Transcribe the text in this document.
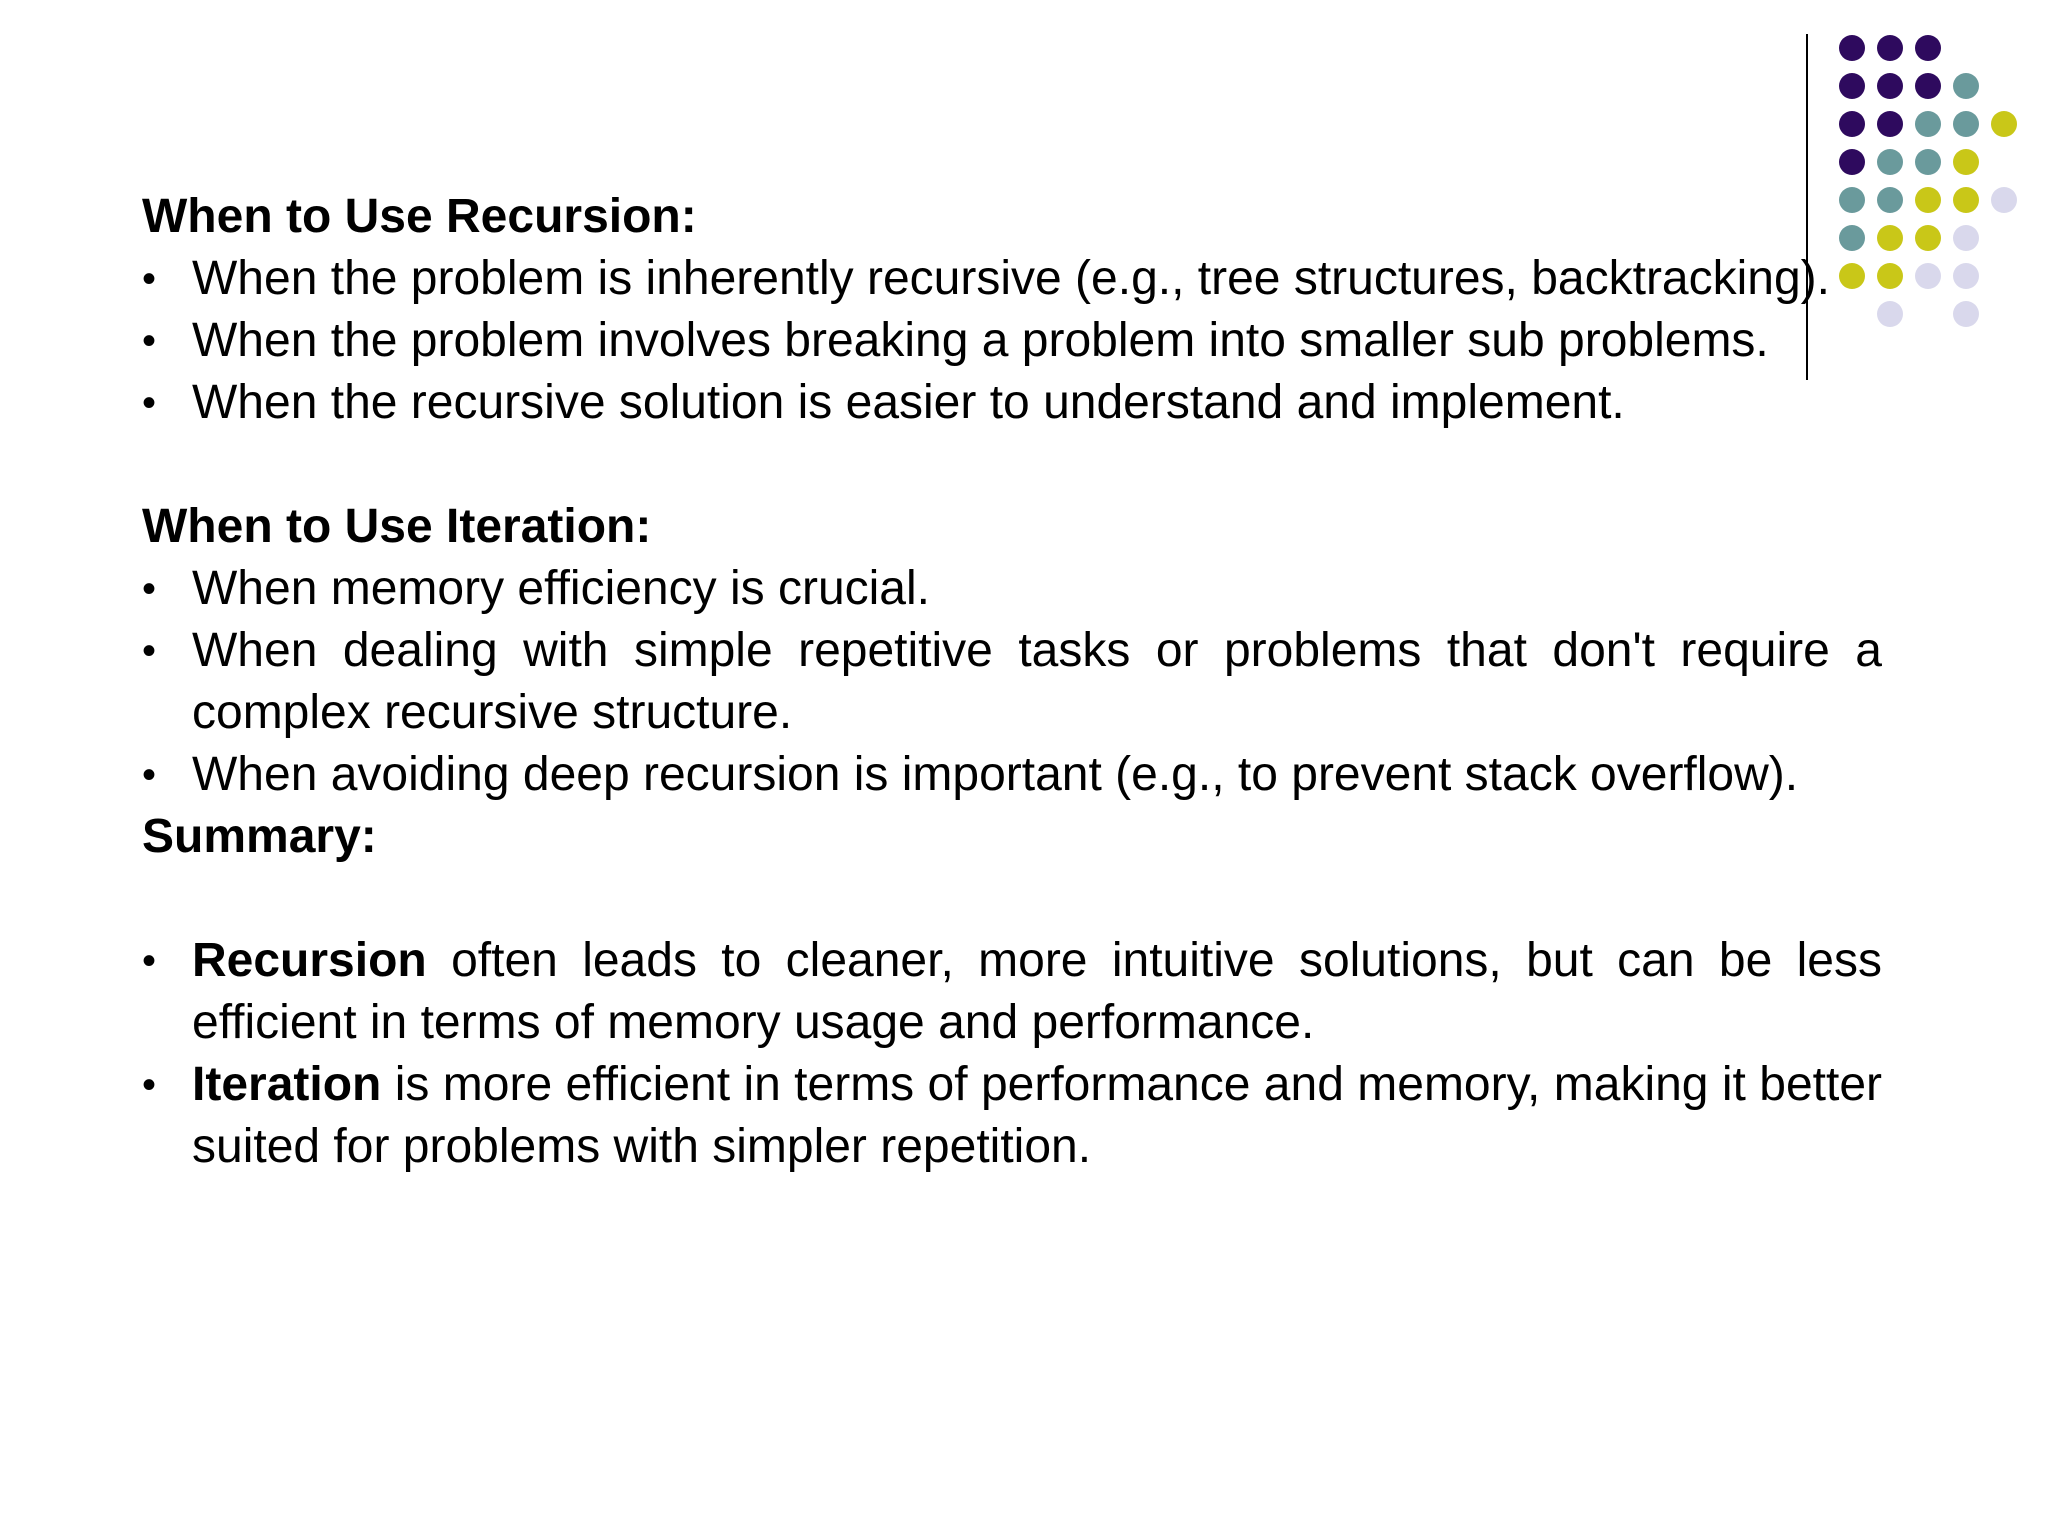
When to Use Recursion:

• When the problem is inherently recursive (e.g., tree structures, backtracking).
• When the problem involves breaking a problem into smaller sub problems.
• When the recursive solution is easier to understand and implement.

When to Use Iteration:

• When memory efficiency is crucial.
• When dealing with simple repetitive tasks or problems that don't require a complex recursive structure.
• When avoiding deep recursion is important (e.g., to prevent stack overflow).

Summary:

• Recursion often leads to cleaner, more intuitive solutions, but can be less efficient in terms of memory usage and performance.
• Iteration is more efficient in terms of performance and memory, making it better suited for problems with simpler repetition.
